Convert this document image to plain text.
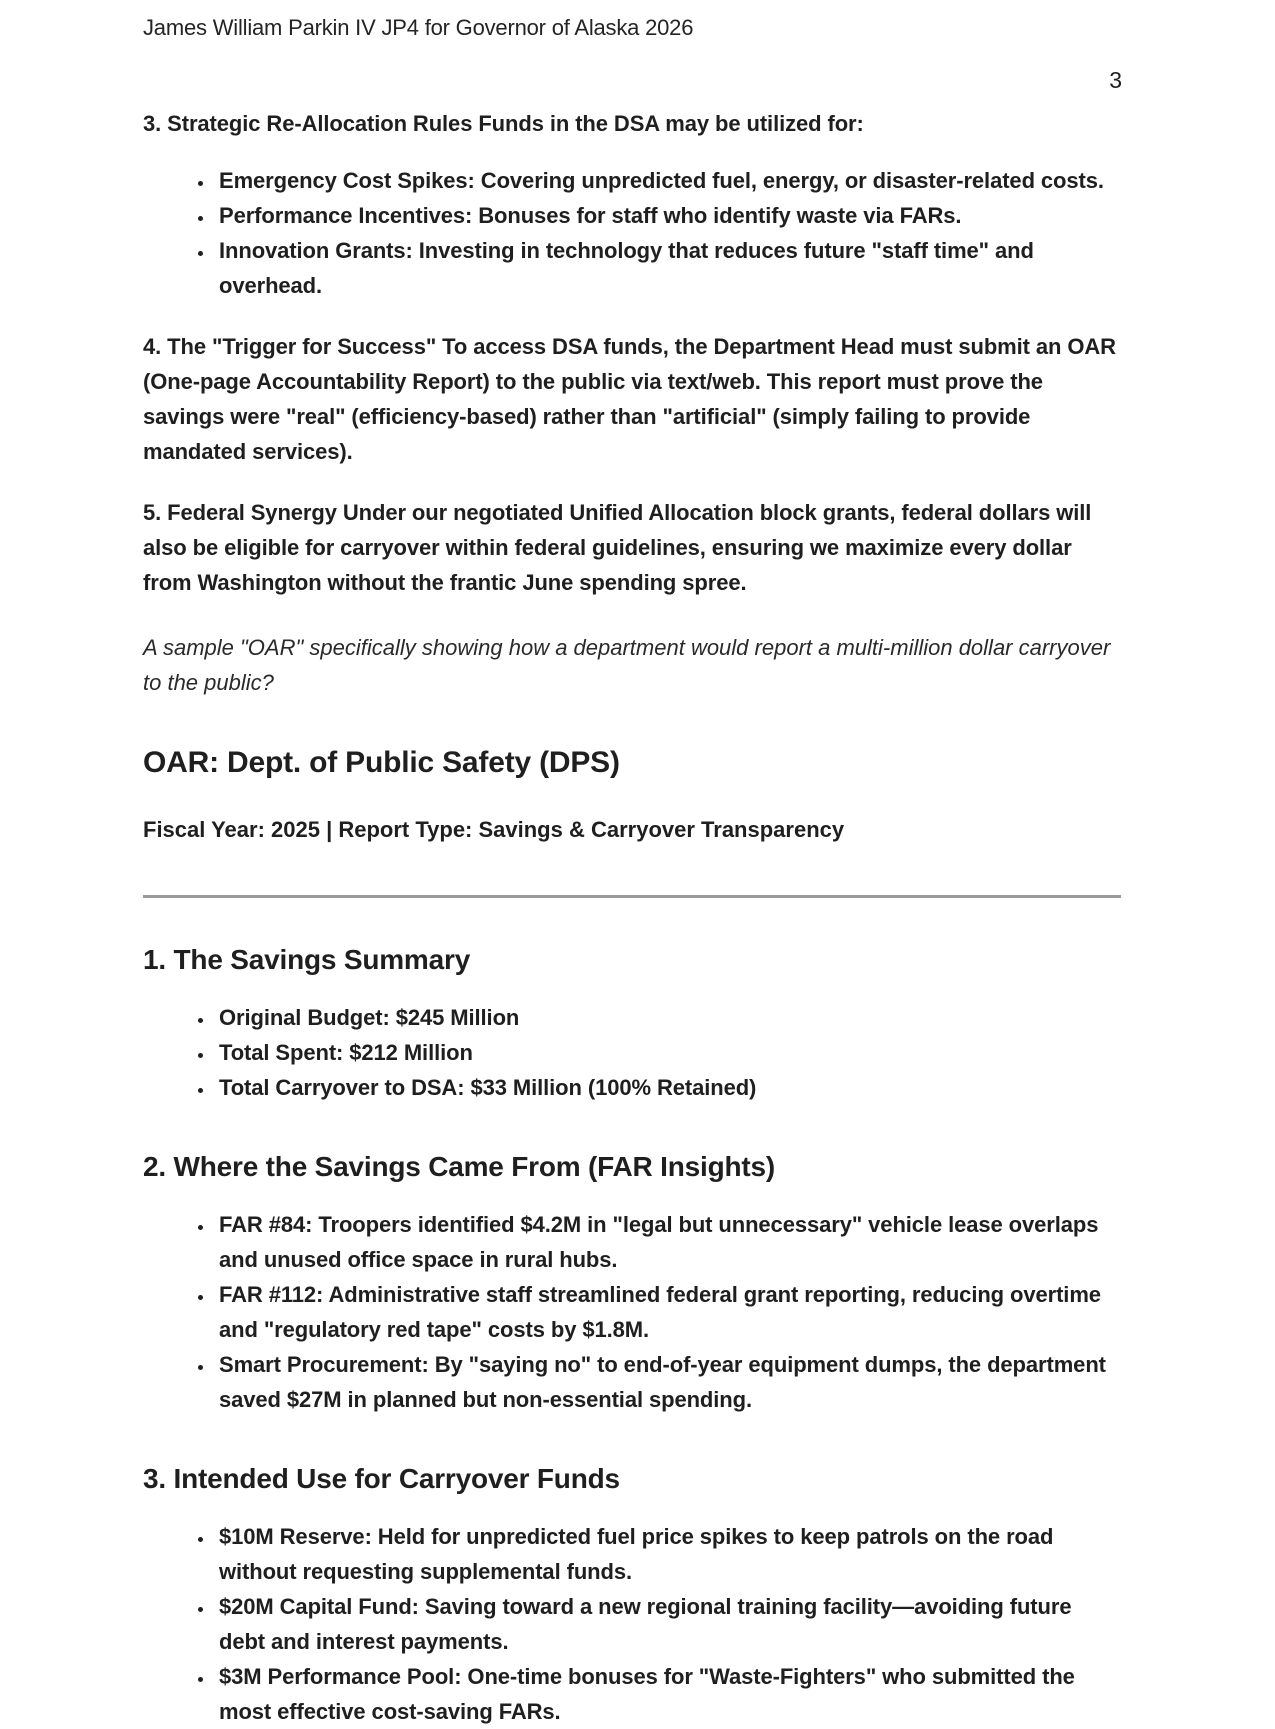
James William Parkin IV JP4 for Governor of Alaska 2026
3

3. Strategic Re-Allocation Rules Funds in the DSA may be utilized for:

• Emergency Cost Spikes: Covering unpredicted fuel, energy, or disaster-related costs.
• Performance Incentives: Bonuses for staff who identify waste via FARs.
• Innovation Grants: Investing in technology that reduces future "staff time" and overhead.

4. The "Trigger for Success" To access DSA funds, the Department Head must submit an OAR (One-page Accountability Report) to the public via text/web. This report must prove the savings were "real" (efficiency-based) rather than "artificial" (simply failing to provide mandated services).

5. Federal Synergy Under our negotiated Unified Allocation block grants, federal dollars will also be eligible for carryover within federal guidelines, ensuring we maximize every dollar from Washington without the frantic June spending spree.

A sample "OAR" specifically showing how a department would report a multi-million dollar carryover to the public?

OAR: Dept. of Public Safety (DPS)

Fiscal Year: 2025 | Report Type: Savings & Carryover Transparency

1. The Savings Summary
• Original Budget: $245 Million
• Total Spent: $212 Million
• Total Carryover to DSA: $33 Million (100% Retained)
2. Where the Savings Came From (FAR Insights)
• FAR #84: Troopers identified $4.2M in "legal but unnecessary" vehicle lease overlaps and unused office space in rural hubs.
• FAR #112: Administrative staff streamlined federal grant reporting, reducing overtime and "regulatory red tape" costs by $1.8M.
• Smart Procurement: By "saying no" to end-of-year equipment dumps, the department saved $27M in planned but non-essential spending.
3. Intended Use for Carryover Funds
• $10M Reserve: Held for unpredicted fuel price spikes to keep patrols on the road without requesting supplemental funds.
• $20M Capital Fund: Saving toward a new regional training facility—avoiding future debt and interest payments.
• $3M Performance Pool: One-time bonuses for "Waste-Fighters" who submitted the most effective cost-saving FARs.
